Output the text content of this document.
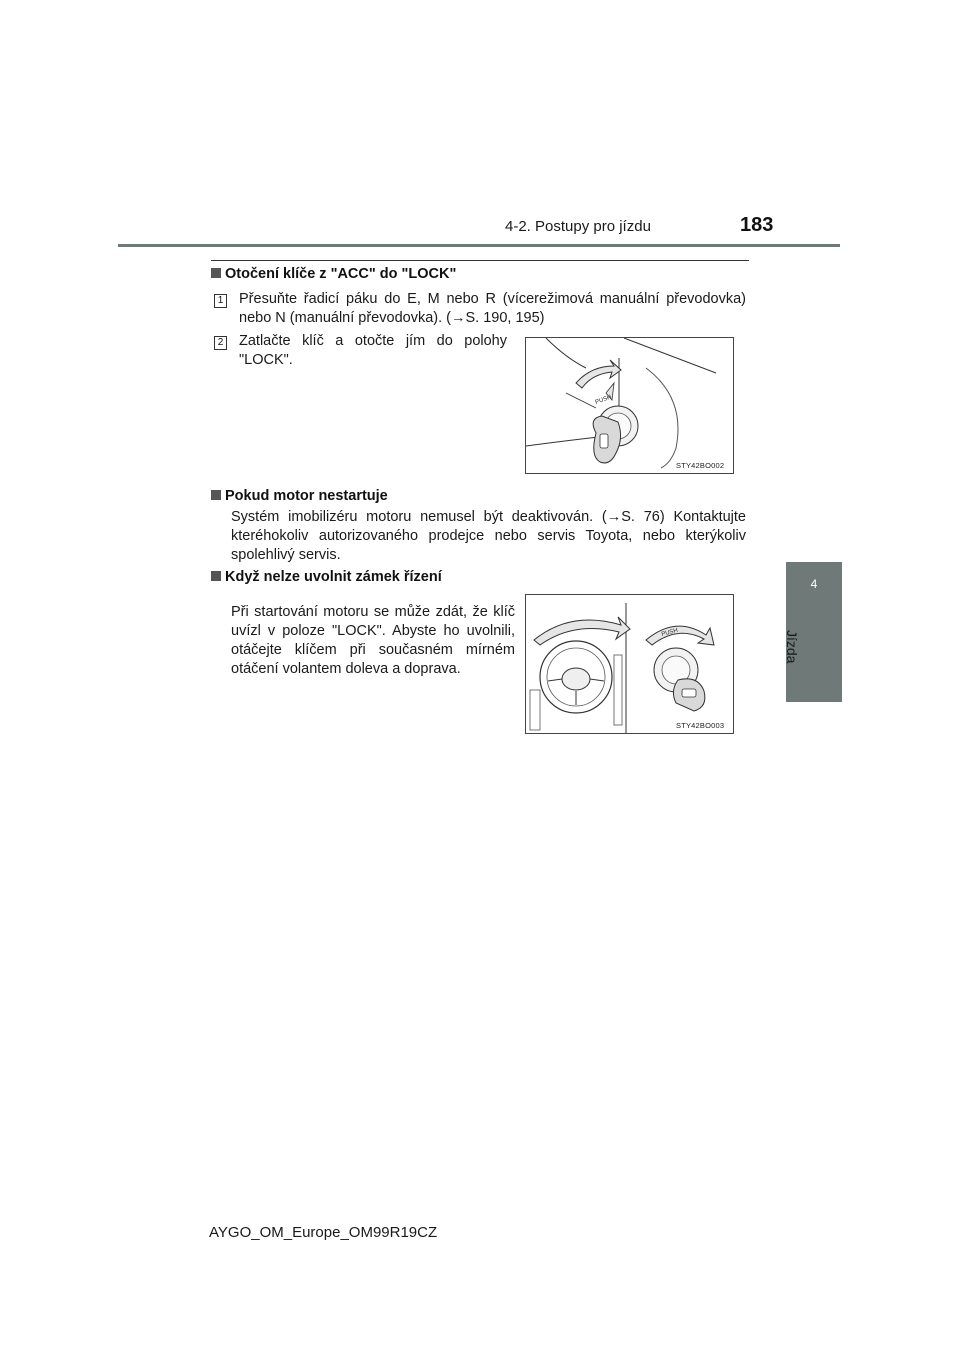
4-2. Postupy pro jízdu	183
4
Jízda
Otočení klíče z "ACC" do "LOCK"
1 Přesuňte řadicí páku do E, M nebo R (vícerežimová manuální převodovka) nebo N (manuální převodovka). (→S. 190, 195)
2 Zatlačte klíč a otočte jím do polohy "LOCK".
PUSH
STY42BO002
Pokud motor nestartuje
Systém imobilizéru motoru nemusel být deaktivován. (→S. 76) Kontaktujte kteréhokoliv autorizovaného prodejce nebo servis Toyota, nebo kterýkoliv spolehlivý servis.
Když nelze uvolnit zámek řízení
Při startování motoru se může zdát, že klíč uvízl v poloze "LOCK". Abyste ho uvolnili, otáčejte klíčem při současném mírném otáčení volantem doleva a doprava.
PUSH
STY42BO003
AYGO_OM_Europe_OM99R19CZ
